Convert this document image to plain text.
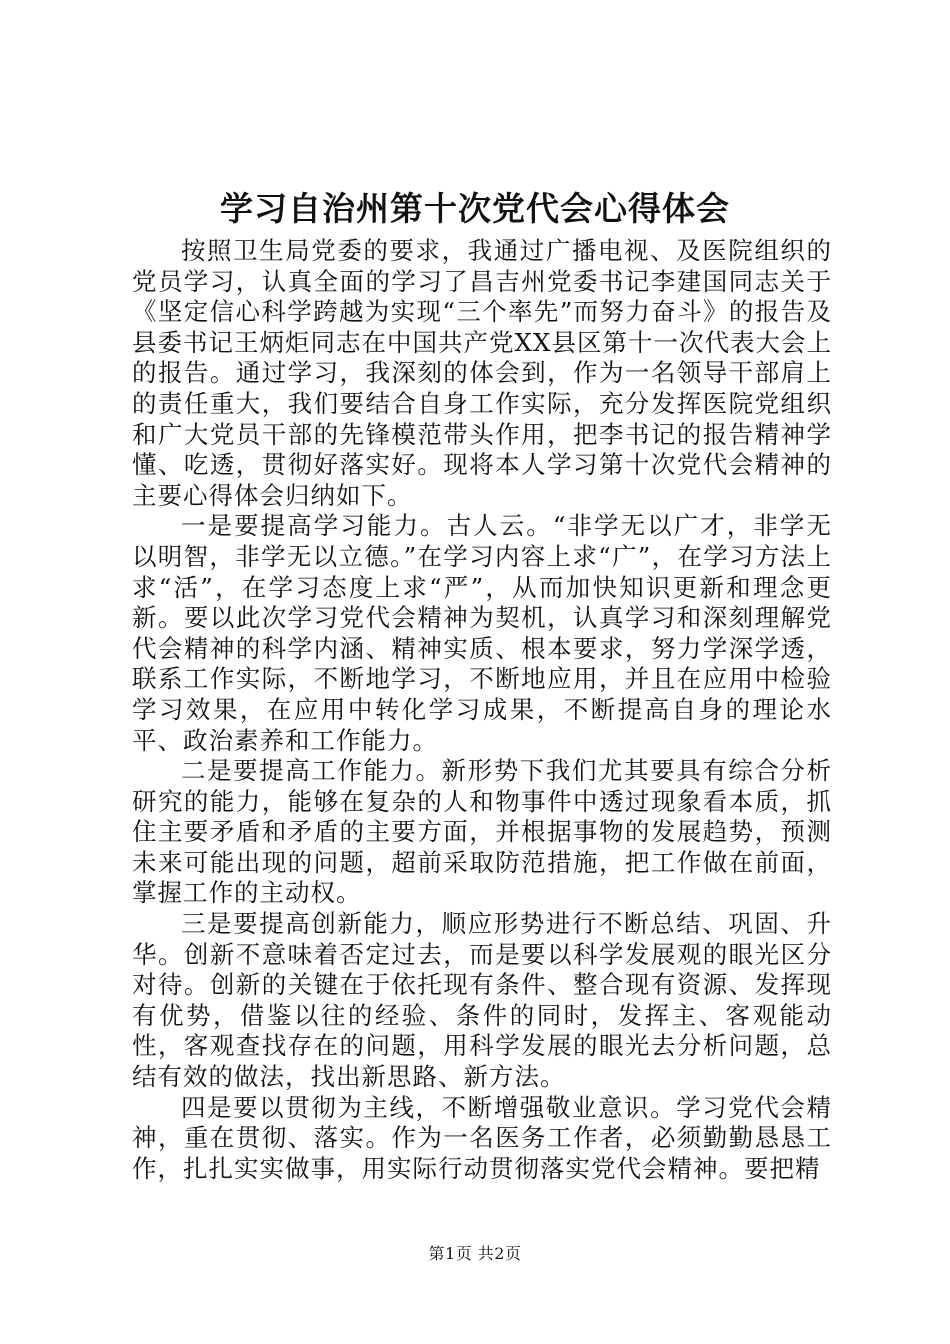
学习自治州第十次党代会心得体会

按照卫生局党委的要求，我通过广播电视、及医院组织的党员学习，认真全面的学习了昌吉州党委书记李建国同志关于《坚定信心科学跨越为实现“三个率先”而努力奋斗》的报告及县委书记王炳炬同志在中国共产党XX县区第十一次代表大会上的报告。通过学习，我深刻的体会到，作为一名领导干部肩上的责任重大，我们要结合自身工作实际，充分发挥医院党组织和广大党员干部的先锋模范带头作用，把李书记的报告精神学懂、吃透，贯彻好落实好。现将本人学习第十次党代会精神的主要心得体会归纳如下。

一是要提高学习能力。古人云。“非学无以广才，非学无以明智，非学无以立德。”在学习内容上求“广”，在学习方法上求“活”，在学习态度上求“严”，从而加快知识更新和理念更新。要以此次学习党代会精神为契机，认真学习和深刻理解党代会精神的科学内涵、精神实质、根本要求，努力学深学透，联系工作实际，不断地学习，不断地应用，并且在应用中检验学习效果，在应用中转化学习成果，不断提高自身的理论水平、政治素养和工作能力。

二是要提高工作能力。新形势下我们尤其要具有综合分析研究的能力，能够在复杂的人和物事件中透过现象看本质，抓住主要矛盾和矛盾的主要方面，并根据事物的发展趋势，预测未来可能出现的问题，超前采取防范措施，把工作做在前面，掌握工作的主动权。

三是要提高创新能力，顺应形势进行不断总结、巩固、升华。创新不意味着否定过去，而是要以科学发展观的眼光区分对待。创新的关键在于依托现有条件、整合现有资源、发挥现有优势，借鉴以往的经验、条件的同时，发挥主、客观能动性，客观查找存在的问题，用科学发展的眼光去分析问题，总结有效的做法，找出新思路、新方法。

四是要以贯彻为主线，不断增强敬业意识。学习党代会精神，重在贯彻、落实。作为一名医务工作者，必须勤勤恳恳工作，扎扎实实做事，用实际行动贯彻落实党代会精神。要把精

第1页 共2页
